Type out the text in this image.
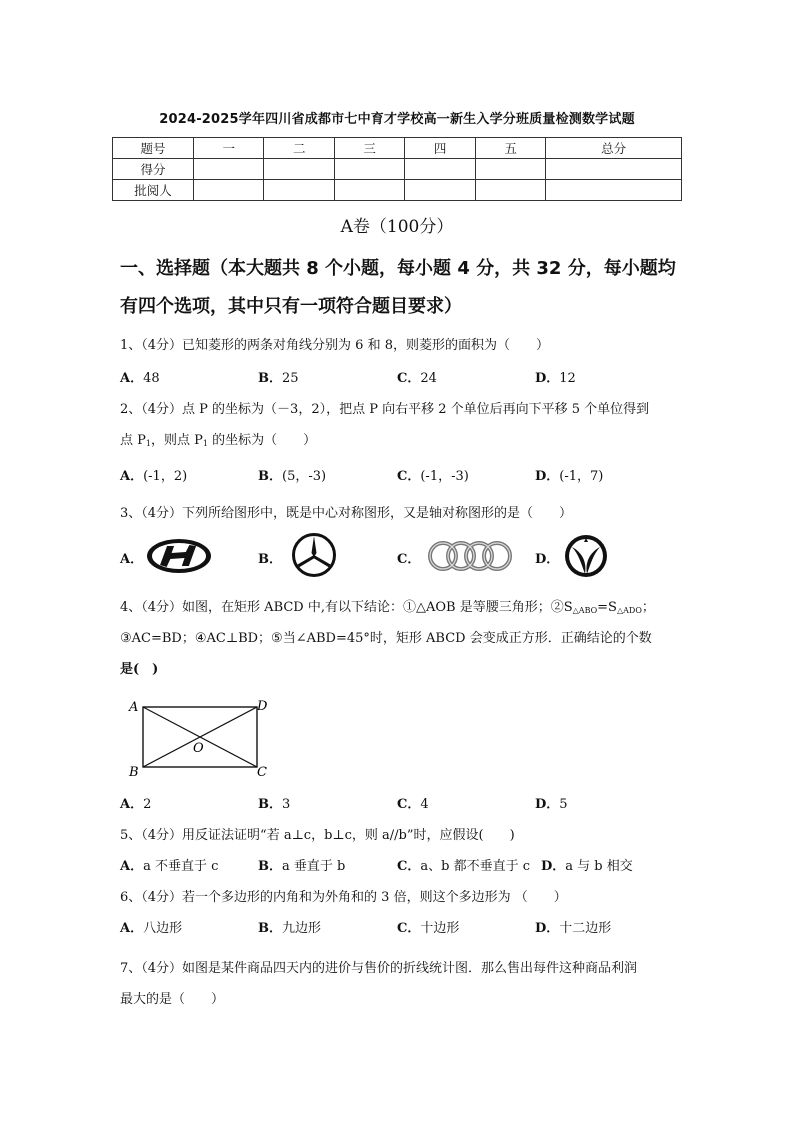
2024-2025学年四川省成都市七中育才学校高一新生入学分班质量检测数学试题
题号	一	二	三	四	五	总分
得分						
批阅人						
A卷（100分）
一、选择题（本大题共 8 个小题，每小题 4 分，共 32 分，每小题均
有四个选项，其中只有一项符合题目要求）
1、（4分）已知菱形的两条对角线分别为 6 和 8，则菱形的面积为（　　）
A．48	B．25	C．24	D．12
2、（4分）点 P 的坐标为（－3，2），把点 P 向右平移 2 个单位后再向下平移 5 个单位得到
点 $P_1$，则点 $P_1$ 的坐标为（　　）
A．(-1，2)	B．(5，-3)	C．(-1，-3)	D．(-1，7)
3、（4分）下列所给图形中，既是中心对称图形，又是轴对称图形的是（　　）
A．	B．	C．	D．
4、（4分）如图，在矩形 ABCD 中,有以下结论：①△AOB 是等腰三角形；$②S_{\triangle ABO}=S_{\triangle ADO}$；
③AC=BD；④AC⊥BD；⑤当∠ABD=45°时，矩形 ABCD 会变成正方形．正确结论的个数
是(　)
A
B	C
D
O
A．2	B．3	C．4	D．5
5、（4分）用反证法证明“若 a⊥c，b⊥c，则 a//b”时，应假设(　　)
A．a 不垂直于 c	B．a 垂直于 b	C．a、b 都不垂直于 c D．a 与 b 相交
6、（4分）若一个多边形的内角和为外角和的 3 倍，则这个多边形为 （　　）
A．八边形	B．九边形	C．十边形	D．十二边形
7、（4分）如图是某件商品四天内的进价与售价的折线统计图．那么售出每件这种商品利润
最大的是（　　）
